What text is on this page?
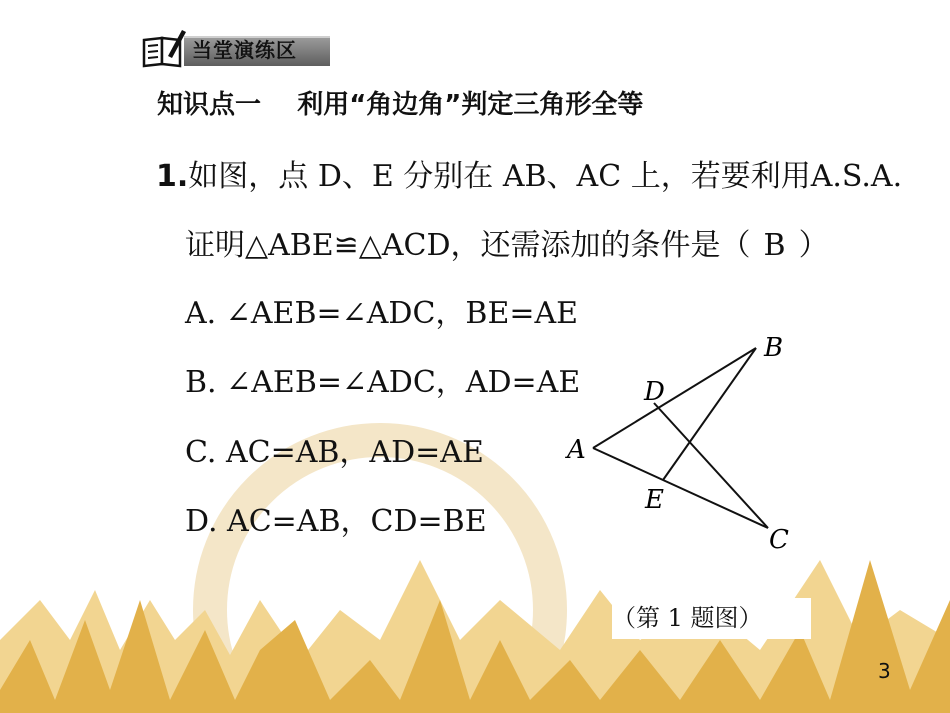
当堂演练区
知识点一    利用“角边角”判定三角形全等
1.如图，点 D、E 分别在 AB、AC 上，若要利用A.S.A.
证明△ABE≌△ACD，还需添加的条件是（ B ）
A. ∠AEB=∠ADC，BE=AE
B. ∠AEB=∠ADC，AD=AE
C. AC=AB，AD=AE
D. AC=AB，CD=BE
B
D
A
E
C
（第 1 题图）
3
